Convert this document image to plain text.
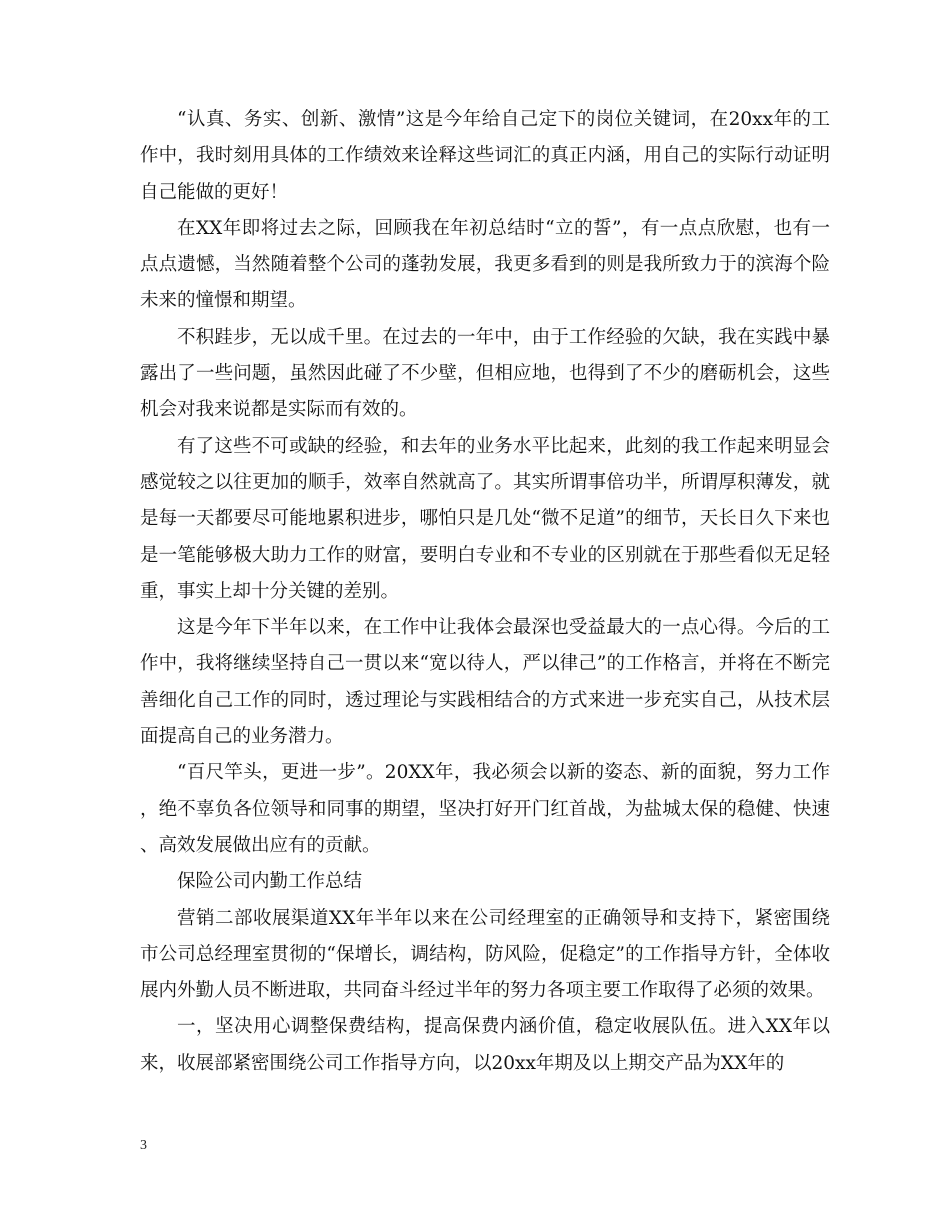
“认真、务实、创新、激情”这是今年给自己定下的岗位关键词，在20xx年的工作中，我时刻用具体的工作绩效来诠释这些词汇的真正内涵，用自己的实际行动证明自己能做的更好！

在XX年即将过去之际，回顾我在年初总结时“立的誓”，有一点点欣慰，也有一点点遗憾，当然随着整个公司的蓬勃发展，我更多看到的则是我所致力于的滨海个险未来的憧憬和期望。

不积跬步，无以成千里。在过去的一年中，由于工作经验的欠缺，我在实践中暴露出了一些问题，虽然因此碰了不少壁，但相应地，也得到了不少的磨砺机会，这些机会对我来说都是实际而有效的。

有了这些不可或缺的经验，和去年的业务水平比起来，此刻的我工作起来明显会感觉较之以往更加的顺手，效率自然就高了。其实所谓事倍功半，所谓厚积薄发，就是每一天都要尽可能地累积进步，哪怕只是几处“微不足道”的细节，天长日久下来也是一笔能够极大助力工作的财富，要明白专业和不专业的区别就在于那些看似无足轻重，事实上却十分关键的差别。

这是今年下半年以来，在工作中让我体会最深也受益最大的一点心得。今后的工作中，我将继续坚持自己一贯以来“宽以待人，严以律己”的工作格言，并将在不断完善细化自己工作的同时，透过理论与实践相结合的方式来进一步充实自己，从技术层面提高自己的业务潜力。

“百尺竿头，更进一步”。20XX年，我必须会以新的姿态、新的面貌，努力工作，绝不辜负各位领导和同事的期望，坚决打好开门红首战，为盐城太保的稳健、快速、高效发展做出应有的贡献。

保险公司内勤工作总结

营销二部收展渠道XX年半年以来在公司经理室的正确领导和支持下，紧密围绕市公司总经理室贯彻的“保增长，调结构，防风险，促稳定”的工作指导方针，全体收展内外勤人员不断进取，共同奋斗经过半年的努力各项主要工作取得了必须的效果。

一，坚决用心调整保费结构，提高保费内涵价值，稳定收展队伍。进入XX年以来，收展部紧密围绕公司工作指导方向，以20xx年期及以上期交产品为XX年的

3
